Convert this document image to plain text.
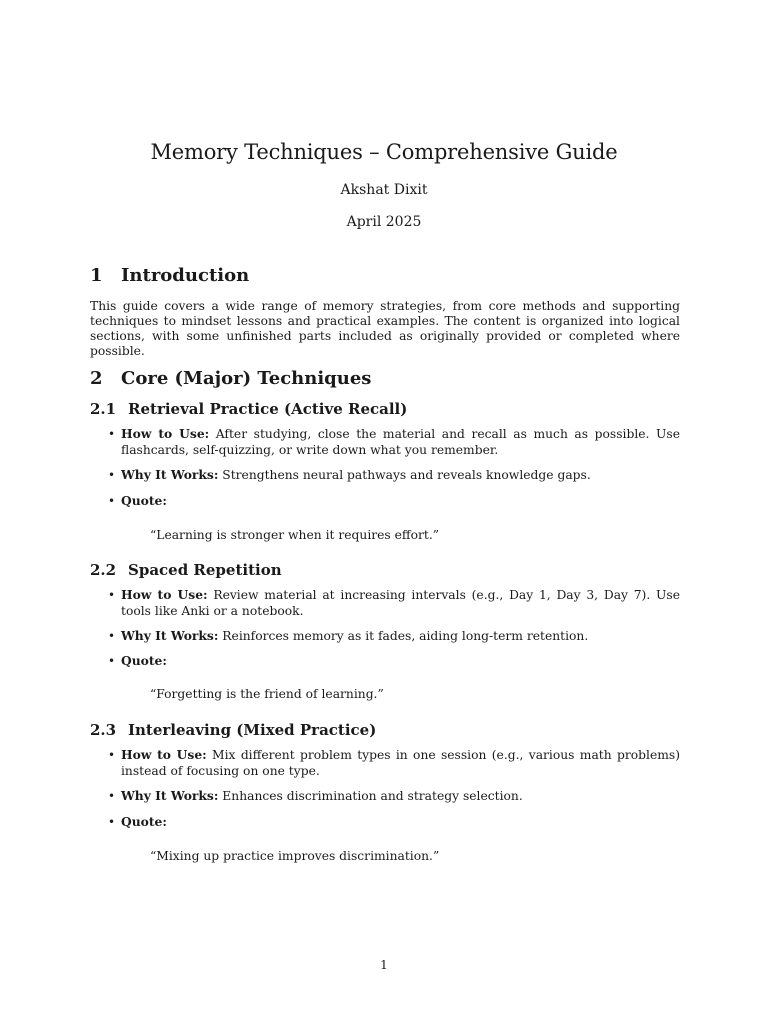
Memory Techniques – Comprehensive Guide
Akshat Dixit
April 2025
1 Introduction
This guide covers a wide range of memory strategies, from core methods and supporting techniques to mindset lessons and practical examples. The content is organized into logical sections, with some unfinished parts included as originally provided or completed where possible.
2 Core (Major) Techniques
2.1 Retrieval Practice (Active Recall)
• How to Use: After studying, close the material and recall as much as possible. Use flashcards, self-quizzing, or write down what you remember.
• Why It Works: Strengthens neural pathways and reveals knowledge gaps.
• Quote:
“Learning is stronger when it requires effort.”
2.2 Spaced Repetition
• How to Use: Review material at increasing intervals (e.g., Day 1, Day 3, Day 7). Use tools like Anki or a notebook.
• Why It Works: Reinforces memory as it fades, aiding long-term retention.
• Quote:
“Forgetting is the friend of learning.”
2.3 Interleaving (Mixed Practice)
• How to Use: Mix different problem types in one session (e.g., various math problems) instead of focusing on one type.
• Why It Works: Enhances discrimination and strategy selection.
• Quote:
“Mixing up practice improves discrimination.”
1
